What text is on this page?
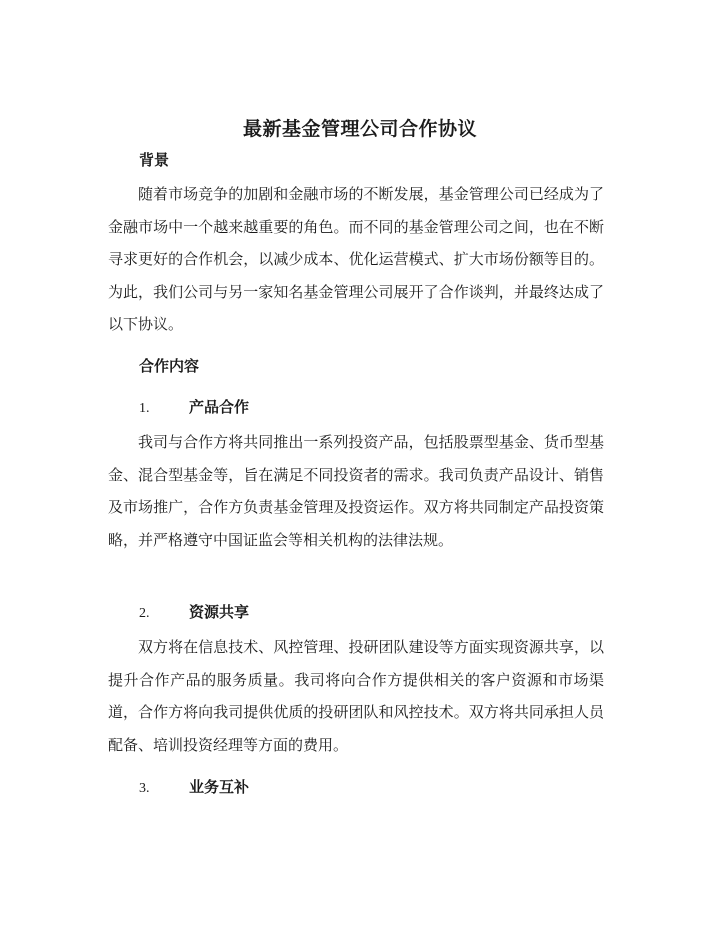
最新基金管理公司合作协议
背景

随着市场竞争的加剧和金融市场的不断发展，基金管理公司已经成为了金融市场中一个越来越重要的角色。而不同的基金管理公司之间，也在不断寻求更好的合作机会，以减少成本、优化运营模式、扩大市场份额等目的。为此，我们公司与另一家知名基金管理公司展开了合作谈判，并最终达成了以下协议。

合作内容
1.	产品合作

我司与合作方将共同推出一系列投资产品，包括股票型基金、货币型基金、混合型基金等，旨在满足不同投资者的需求。我司负责产品设计、销售及市场推广，合作方负责基金管理及投资运作。双方将共同制定产品投资策略，并严格遵守中国证监会等相关机构的法律法规。

2.	资源共享

双方将在信息技术、风控管理、投研团队建设等方面实现资源共享，以提升合作产品的服务质量。我司将向合作方提供相关的客户资源和市场渠道，合作方将向我司提供优质的投研团队和风控技术。双方将共同承担人员配备、培训投资经理等方面的费用。

3.	业务互补
